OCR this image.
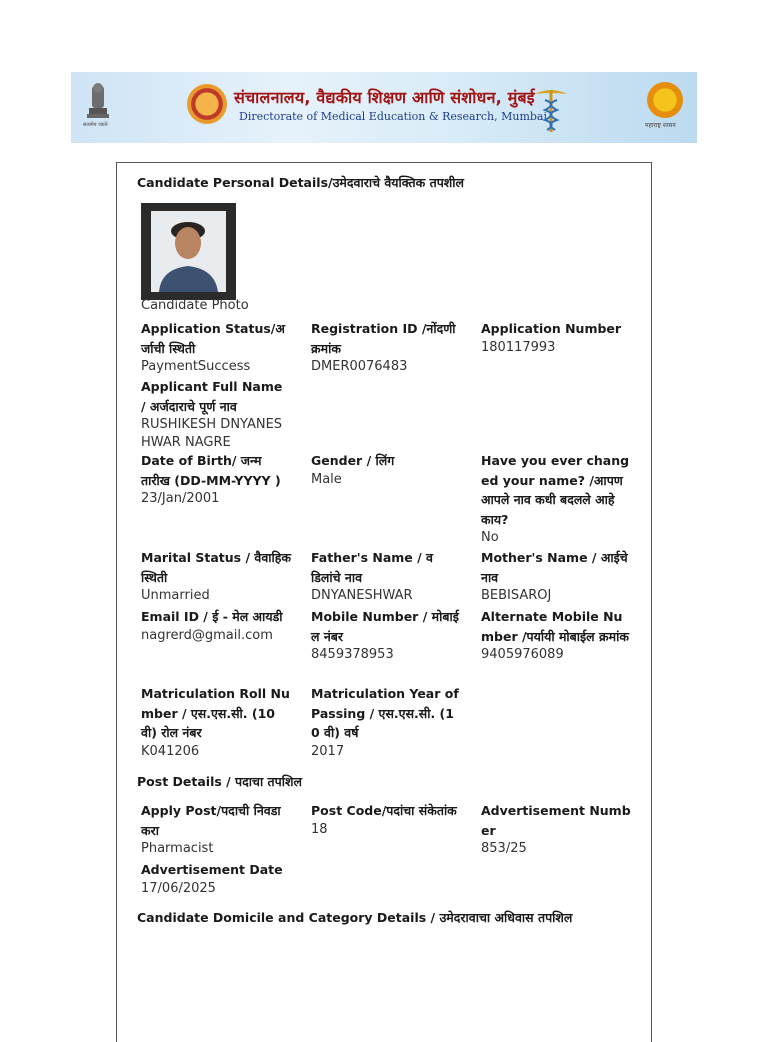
सत्यमेव जयते
संचालनालय, वैद्यकीय शिक्षण आणि संशोधन, मुंबई
Directorate of Medical Education & Research, Mumbai
महाराष्ट्र शासन
Candidate Personal Details/उमेदवाराचे वैयक्तिक तपशील
Candidate Photo
Application Status/अर्जाची स्थिती
PaymentSuccess
Registration ID /नोंदणी क्रमांक
DMER0076483
Application Number
180117993
Applicant Full Name / अर्जदाराचे पूर्ण नाव
RUSHIKESH DNYANESHWAR NAGRE
Date of Birth/ जन्म तारीख (DD-MM-YYYY )
23/Jan/2001
Gender / लिंग
Male
Have you ever changed your name? /आपण आपले नाव कधी बदलले आहे काय?
No
Marital Status / वैवाहिक स्थिती
Unmarried
Father's Name / वडिलांचे नाव
DNYANESHWAR
Mother's Name / आईचे नाव
BEBISAROJ
Email ID / ई - मेल आयडी
nagrerd@gmail.com
Mobile Number / मोबाईल नंबर
8459378953
Alternate Mobile Number /पर्यायी मोबाईल क्रमांक
9405976089
Matriculation Roll Number / एस.एस.सी. (10 वी) रोल नंबर
K041206
Matriculation Year of Passing / एस.एस.सी. (10 वी) वर्ष
2017
Post Details / पदाचा तपशिल
Apply Post/पदाची निवडा करा
Pharmacist
Post Code/पदांचा संकेतांक
18
Advertisement Number
853/25
Advertisement Date
17/06/2025
Candidate Domicile and Category Details / उमेदरावाचा अधिवास तपशिल
